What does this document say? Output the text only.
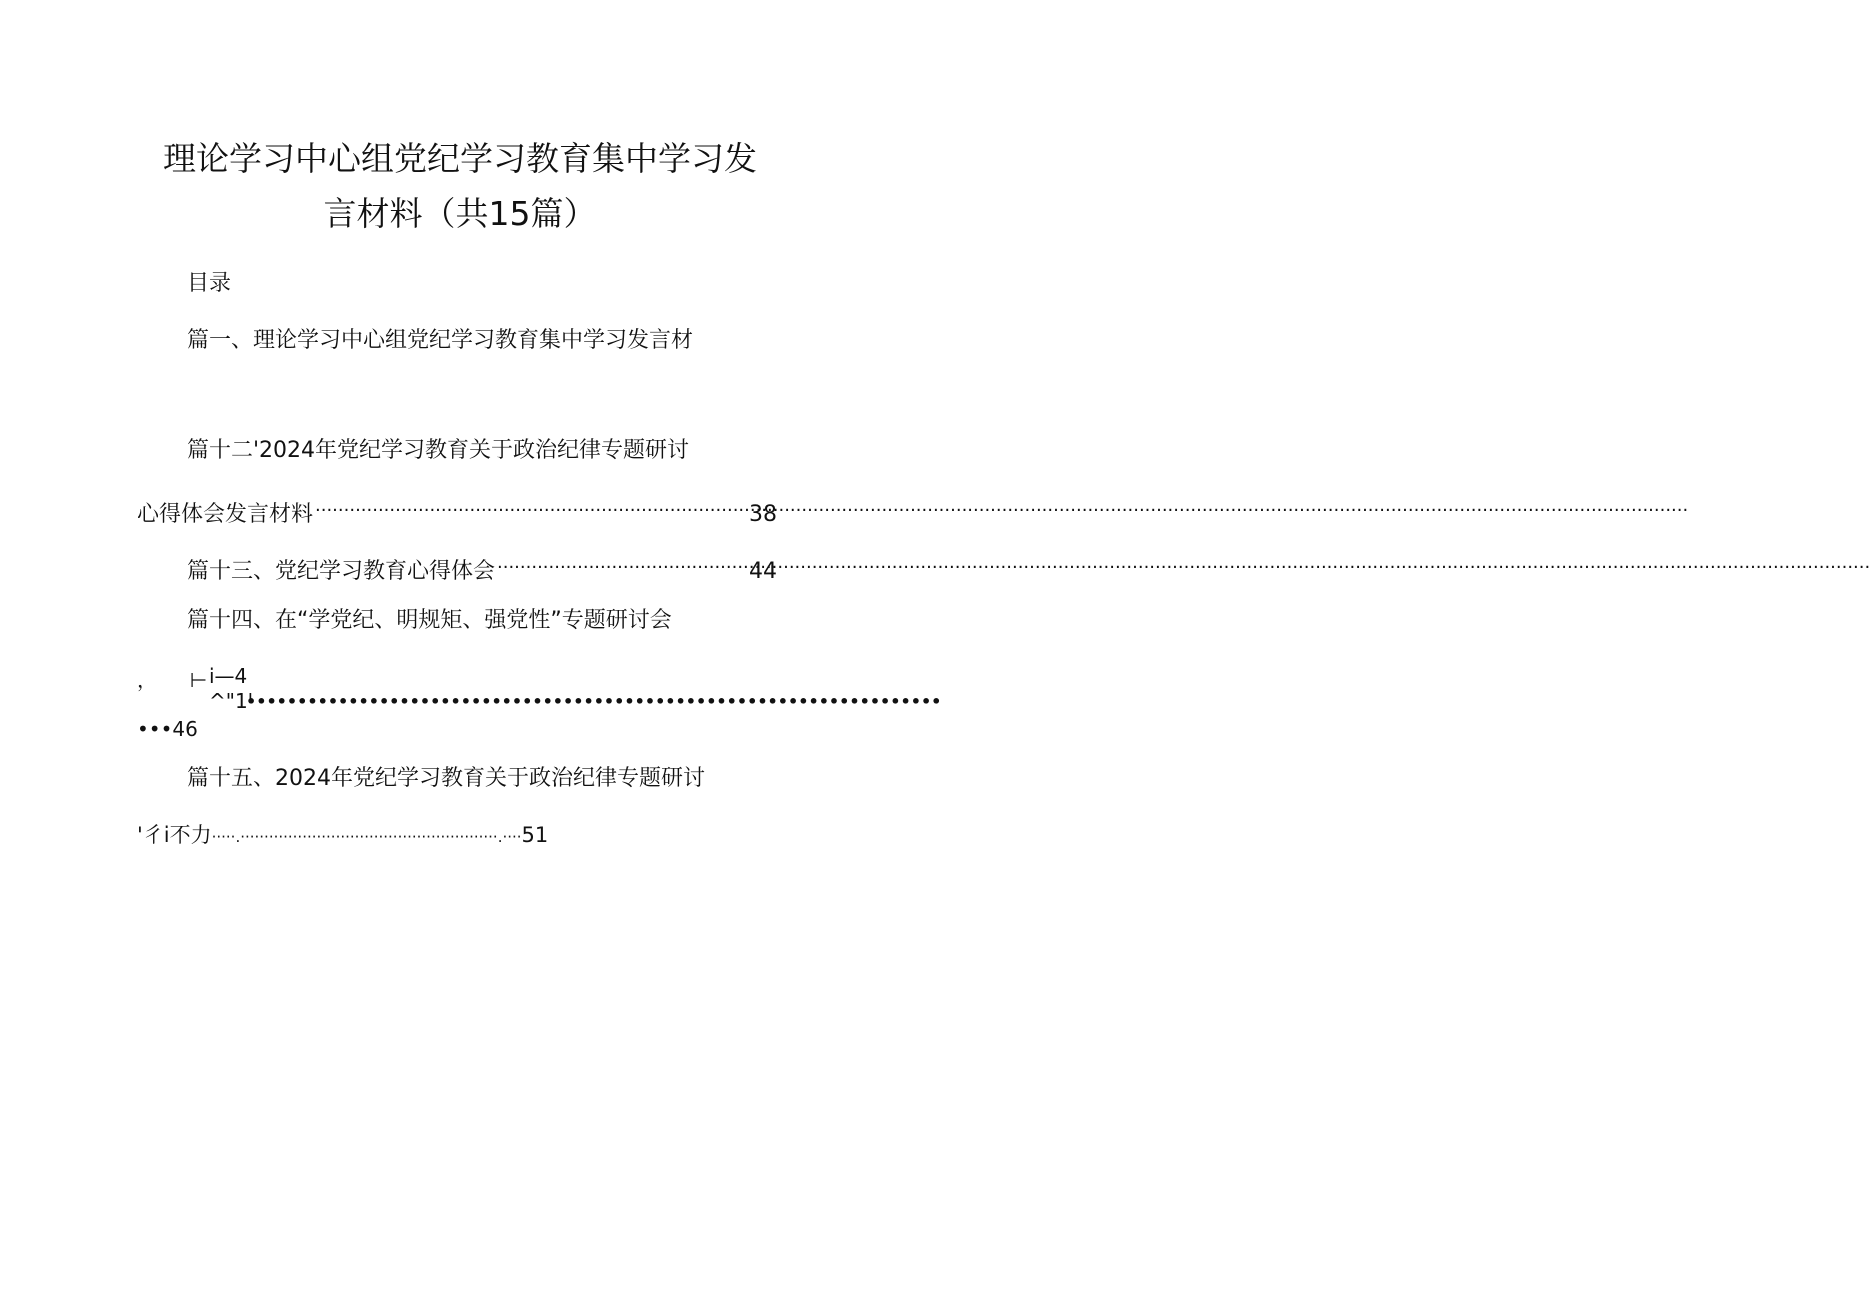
理论学习中心组党纪学习教育集中学习发
言材料（共15篇）
目录
篇一、理论学习中心组党纪学习教育集中学习发言材
篇十二'2024年党纪学习教育关于政治纪律专题研讨
心得体会发言材料 .....	38
篇十三、党纪学习教育心得体会 .....	44
篇十四、在“学党纪、明规矩、强党性”专题研讨会
，   ⊢ i—4
^"1'
••••••••••••••••••••••••••••••••••••••••••••••••••••••••••••••••••••
•••46
篇十五、2024年党纪学习教育关于政治纪律专题研讨
'彳i不力·····.······················································.····51
